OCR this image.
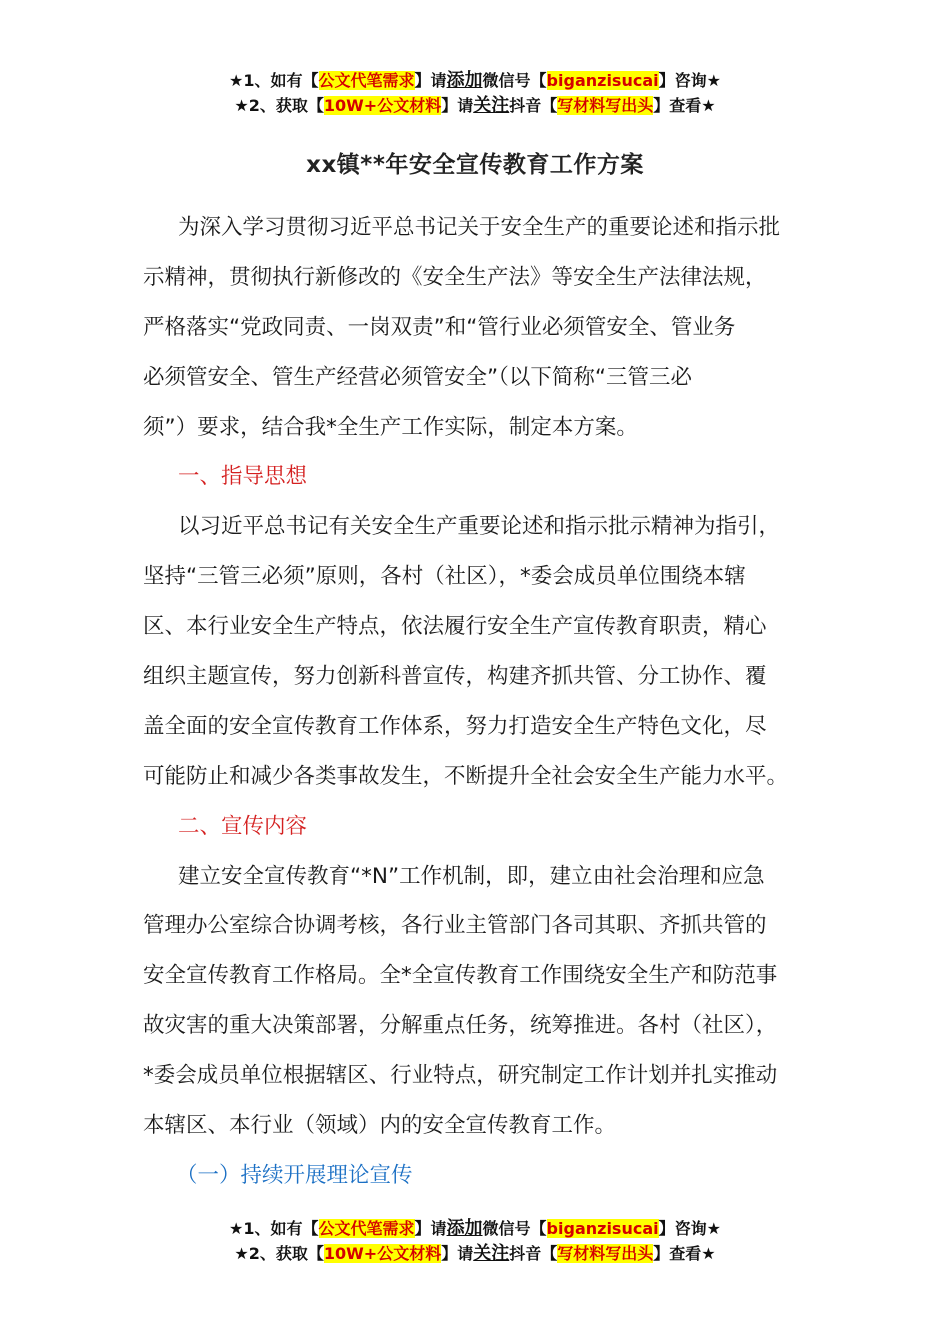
★1、如有【公文代笔需求】请添加微信号【biganzisucai】咨询★
★2、获取【10W+公文材料】请关注抖音【写材料写出头】查看★
xx镇**年安全宣传教育工作方案
为深入学习贯彻习近平总书记关于安全生产的重要论述和指示批
示精神，贯彻执行新修改的《安全生产法》等安全生产法律法规，
严格落实“党政同责、一岗双责”和“管行业必须管安全、管业务
必须管安全、管生产经营必须管安全”（以下简称“三管三必
须”）要求，结合我*全生产工作实际，制定本方案。
一、指导思想
以习近平总书记有关安全生产重要论述和指示批示精神为指引，
坚持“三管三必须”原则，各村（社区），*委会成员单位围绕本辖
区、本行业安全生产特点，依法履行安全生产宣传教育职责，精心
组织主题宣传，努力创新科普宣传，构建齐抓共管、分工协作、覆
盖全面的安全宣传教育工作体系，努力打造安全生产特色文化，尽
可能防止和减少各类事故发生，不断提升全社会安全生产能力水平。
二、宣传内容
建立安全宣传教育“*N”工作机制，即，建立由社会治理和应急
管理办公室综合协调考核，各行业主管部门各司其职、齐抓共管的
安全宣传教育工作格局。全*全宣传教育工作围绕安全生产和防范事
故灾害的重大决策部署，分解重点任务，统筹推进。各村（社区），
*委会成员单位根据辖区、行业特点，研究制定工作计划并扎实推动
本辖区、本行业（领域）内的安全宣传教育工作。
（一）持续开展理论宣传
★1、如有【公文代笔需求】请添加微信号【biganzisucai】咨询★
★2、获取【10W+公文材料】请关注抖音【写材料写出头】查看★
